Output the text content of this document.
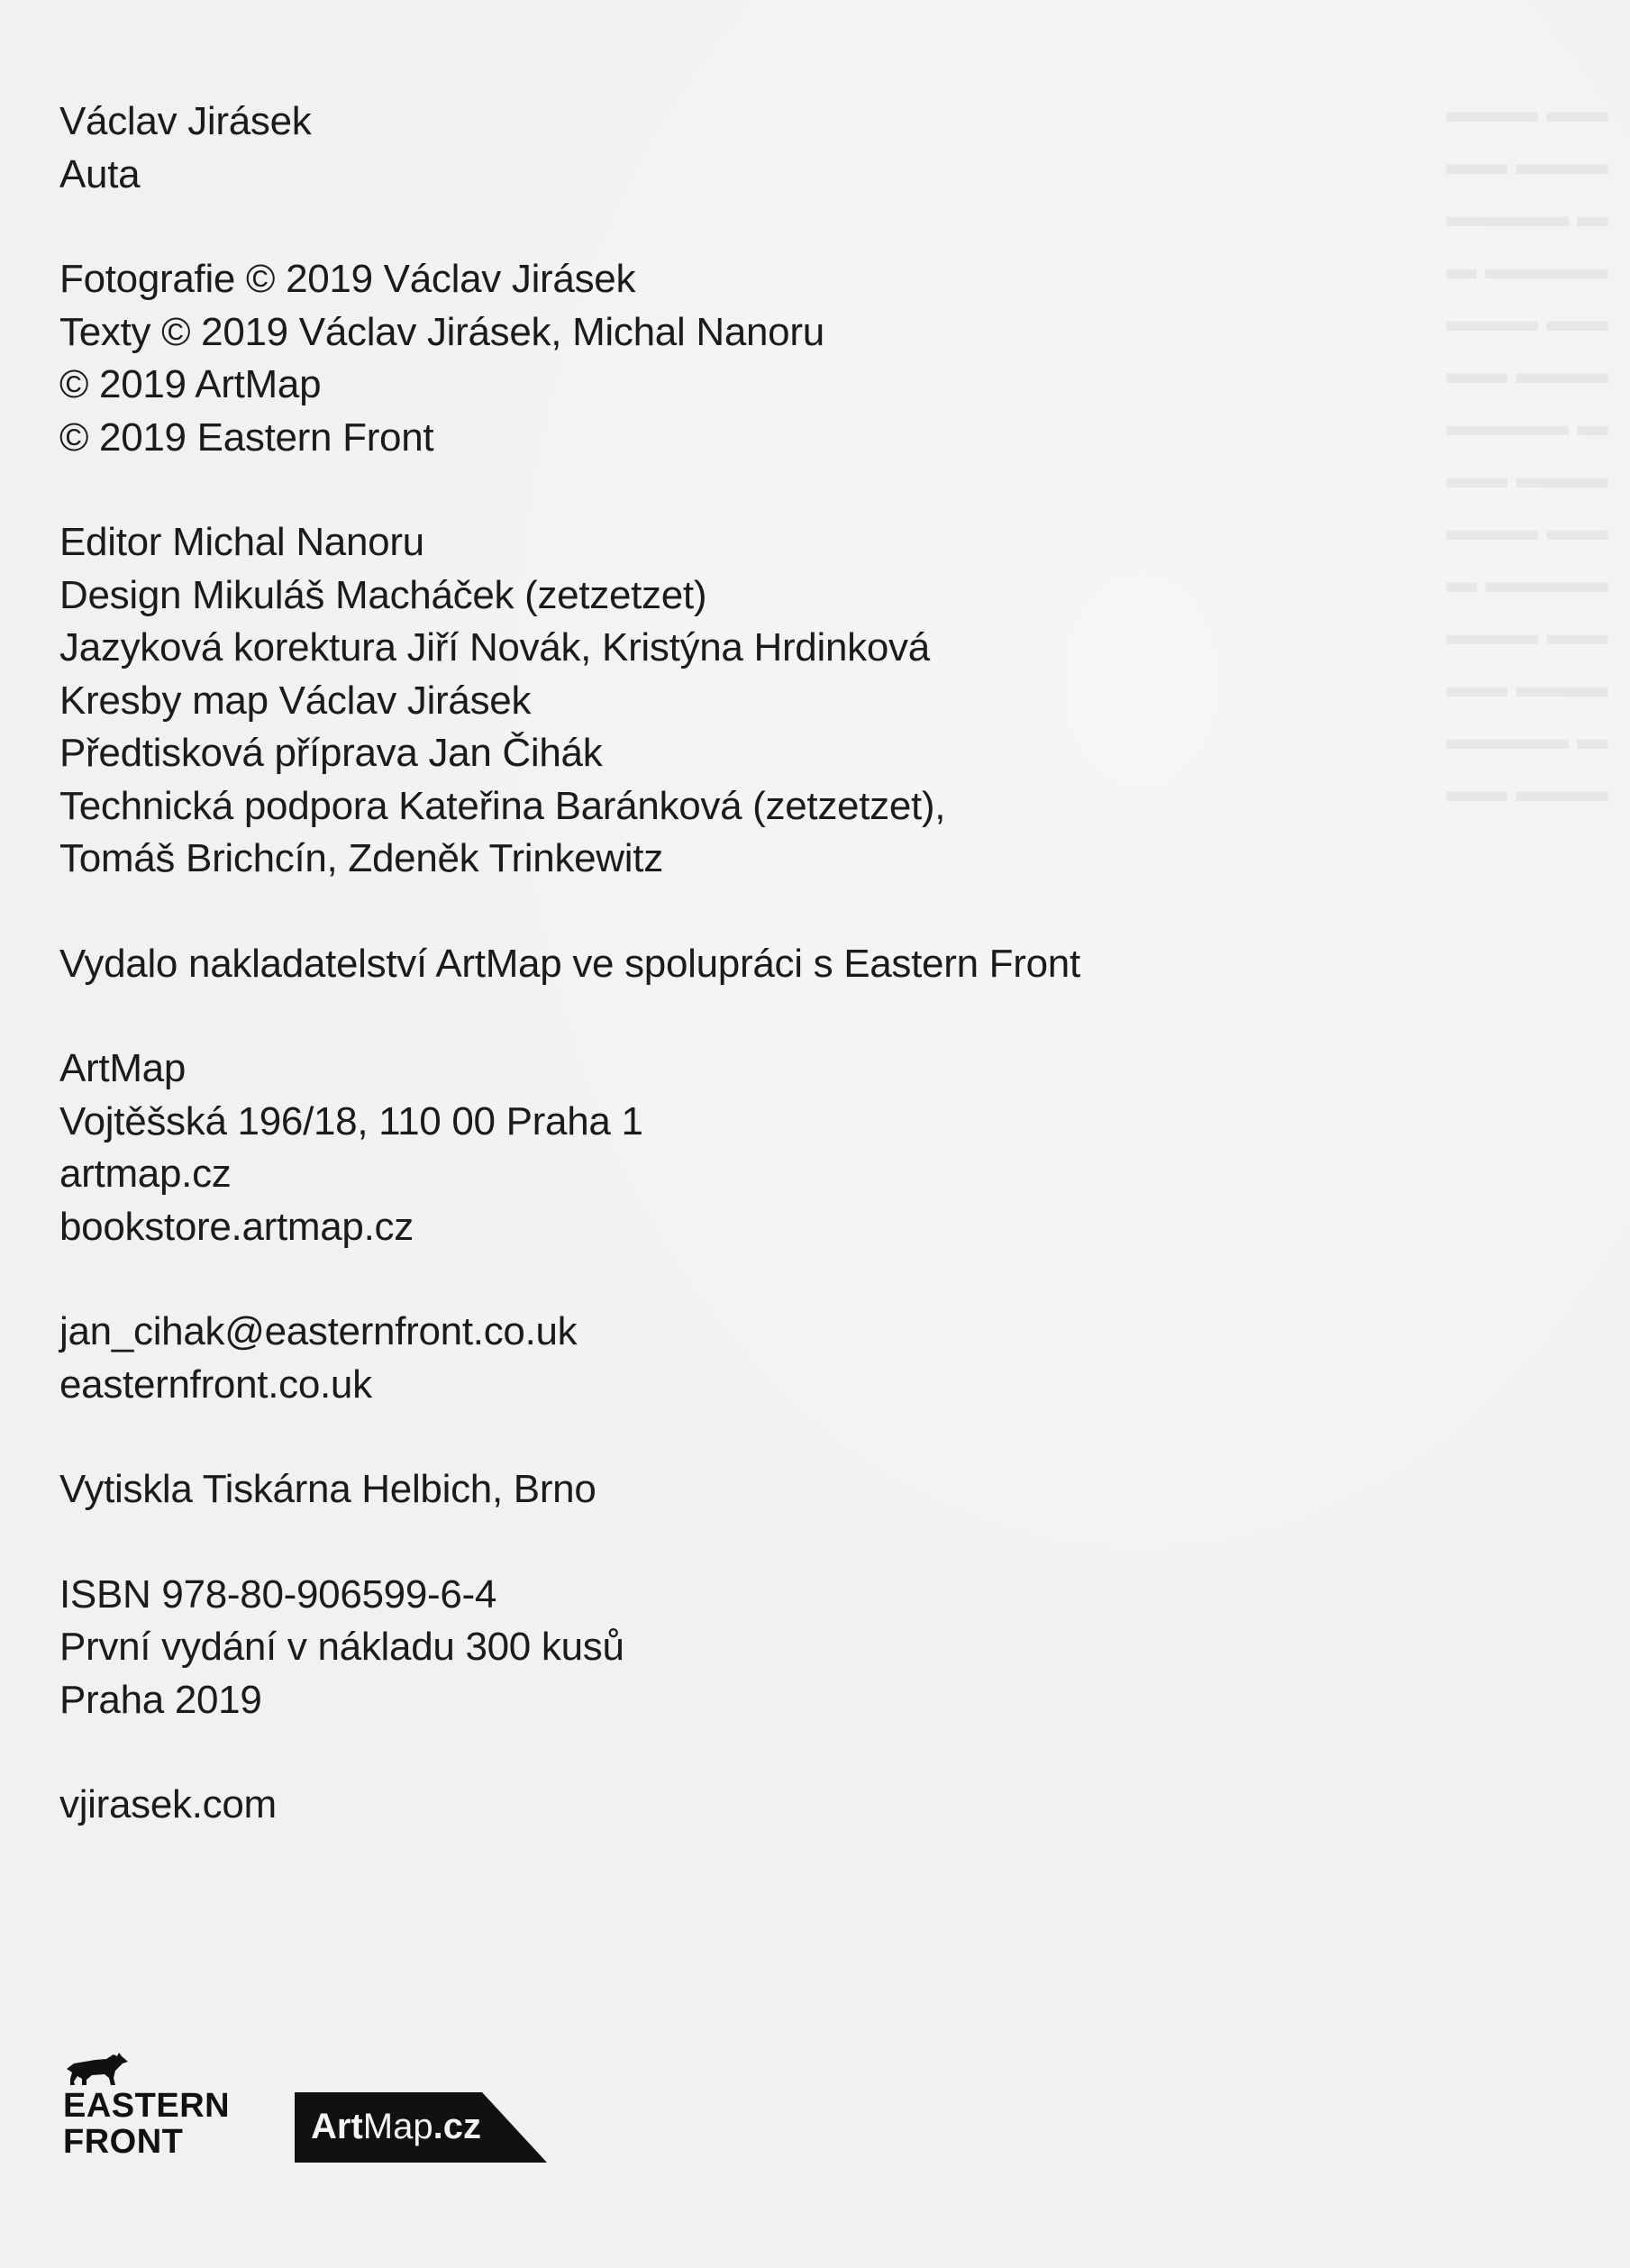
▬▬▬ ▬▬
▬▬ ▬▬▬
▬▬▬▬ ▬
▬ ▬▬▬▬
▬▬▬ ▬▬
▬▬ ▬▬▬
▬▬▬▬ ▬
▬▬ ▬▬▬
▬▬▬ ▬▬
▬ ▬▬▬▬
▬▬▬ ▬▬
▬▬ ▬▬▬
▬▬▬▬ ▬
▬▬ ▬▬▬
Václav Jirásek
Auta
Fotografie © 2019 Václav Jirásek
Texty © 2019 Václav Jirásek, Michal Nanoru
© 2019 ArtMap
© 2019 Eastern Front
Editor Michal Nanoru
Design Mikuláš Macháček (zetzetzet)
Jazyková korektura Jiří Novák, Kristýna Hrdinková
Kresby map Václav Jirásek
Předtisková příprava Jan Čihák
Technická podpora Kateřina Baránková (zetzetzet),
Tomáš Brichcín, Zdeněk Trinkewitz
Vydalo nakladatelství ArtMap ve spolupráci s Eastern Front
ArtMap
Vojtěšská 196/18, 110 00 Praha 1
artmap.cz
bookstore.artmap.cz
jan_cihak@easternfront.co.uk
easternfront.co.uk
Vytiskla Tiskárna Helbich, Brno
ISBN 978-80-906599-6-4
První vydání v nákladu 300 kusů
Praha 2019
vjirasek.com
EASTERN
FRONT	ArtMap.cz
